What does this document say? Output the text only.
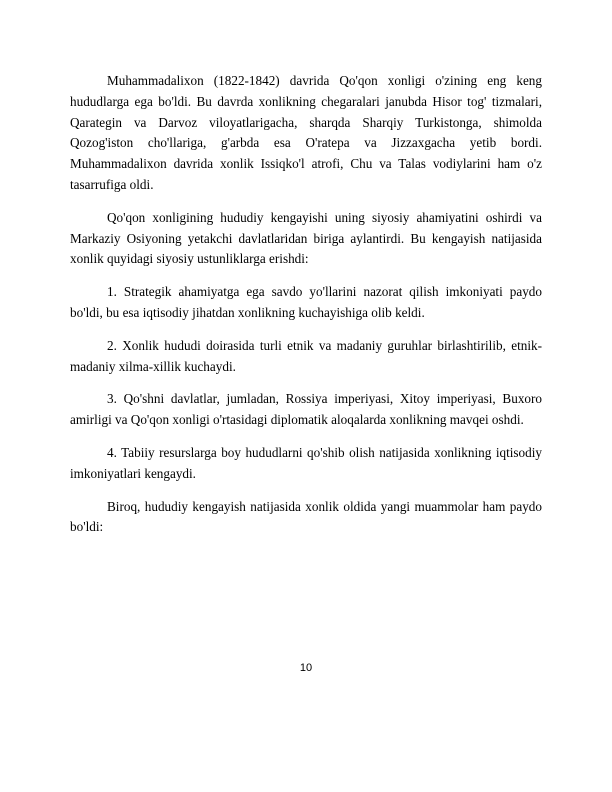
Muhammadalixon (1822-1842) davrida Qo'qon xonligi o'zining eng keng hududlarga ega bo'ldi. Bu davrda xonlikning chegaralari janubda Hisor tog' tizmalari, Qarategin va Darvoz viloyatlarigacha, sharqda Sharqiy Turkistonga, shimolda Qozog'iston cho'llariga, g'arbda esa O'ratepa va Jizzaxgacha yetib bordi. Muhammadalixon davrida xonlik Issiqko'l atrofi, Chu va Talas vodiylarini ham o'z tasarrufiga oldi.

Qo'qon xonligining hududiy kengayishi uning siyosiy ahamiyatini oshirdi va Markaziy Osiyoning yetakchi davlatlaridan biriga aylantirdi. Bu kengayish natijasida xonlik quyidagi siyosiy ustunliklarga erishdi:

1. Strategik ahamiyatga ega savdo yo'llarini nazorat qilish imkoniyati paydo bo'ldi, bu esa iqtisodiy jihatdan xonlikning kuchayishiga olib keldi.

2. Xonlik hududi doirasida turli etnik va madaniy guruhlar birlashtirilib, etnik-madaniy xilma-xillik kuchaydi.

3. Qo'shni davlatlar, jumladan, Rossiya imperiyasi, Xitoy imperiyasi, Buxoro amirligi va Qo'qon xonligi o'rtasidagi diplomatik aloqalarda xonlikning mavqei oshdi.

4. Tabiiy resurslarga boy hududlarni qo'shib olish natijasida xonlikning iqtisodiy imkoniyatlari kengaydi.

Biroq, hududiy kengayish natijasida xonlik oldida yangi muammolar ham paydo bo'ldi:

10
